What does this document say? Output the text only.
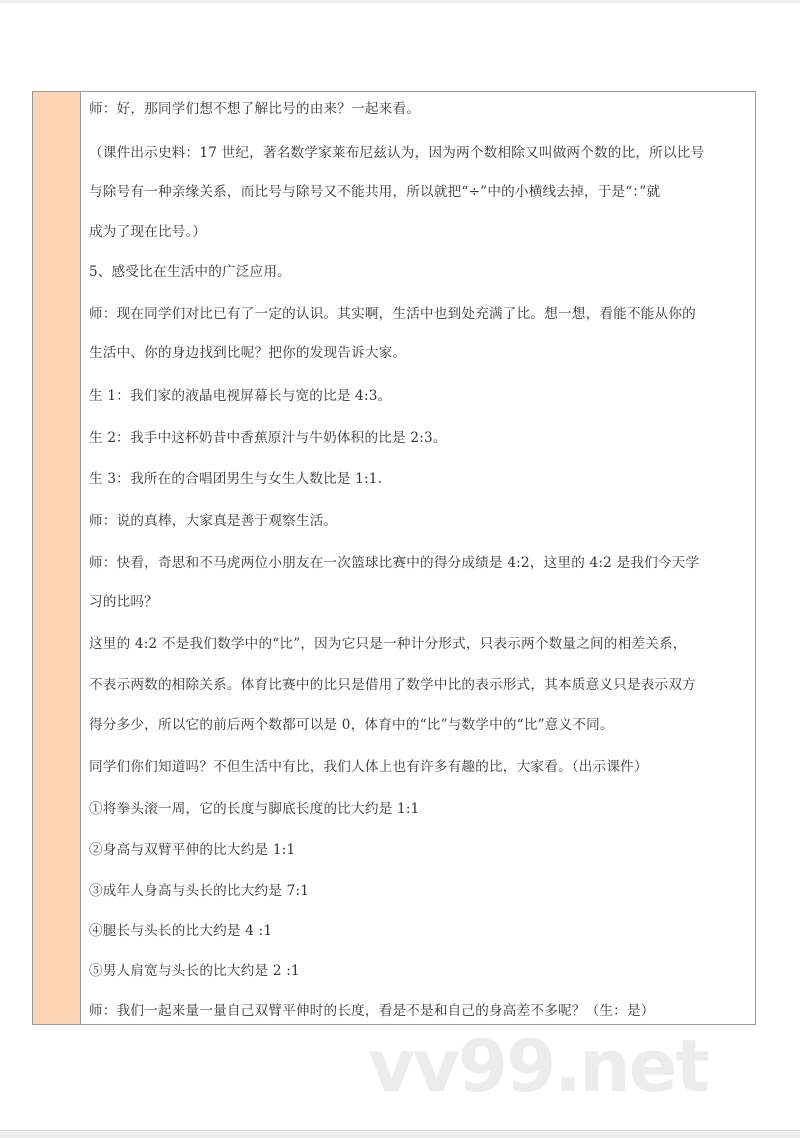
师：好，那同学们想不想了解比号的由来？一起来看。
（课件出示史料：17 世纪，著名数学家莱布尼兹认为，因为两个数相除又叫做两个数的比，所以比号
与除号有一种亲缘关系，而比号与除号又不能共用，所以就把“÷”中的小横线去掉，于是“：”就
成为了现在比号。）
5、感受比在生活中的广泛应用。
师：现在同学们对比已有了一定的认识。其实啊，生活中也到处充满了比。想一想，看能不能从你的
生活中、你的身边找到比呢？把你的发现告诉大家。
生 1：我们家的液晶电视屏幕长与宽的比是 4:3。
生 2：我手中这杯奶昔中香蕉原汁与牛奶体积的比是 2:3。
生 3：我所在的合唱团男生与女生人数比是 1:1.
师：说的真棒，大家真是善于观察生活。
师：快看，奇思和不马虎两位小朋友在一次篮球比赛中的得分成绩是 4:2，这里的 4:2 是我们今天学
习的比吗？
这里的 4:2 不是我们数学中的“比”，因为它只是一种计分形式，只表示两个数量之间的相差关系，
不表示两数的相除关系。体育比赛中的比只是借用了数学中比的表示形式，其本质意义只是表示双方
得分多少，所以它的前后两个数都可以是 0，体育中的“比”与数学中的“比”意义不同。
同学们你们知道吗？不但生活中有比，我们人体上也有许多有趣的比，大家看。（出示课件）
①将拳头滚一周，它的长度与脚底长度的比大约是 1:1
②身高与双臂平伸的比大约是 1:1
③成年人身高与头长的比大约是 7:1
④腿长与头长的比大约是 4 :1
⑤男人肩宽与头长的比大约是 2 :1
师：我们一起来量一量自己双臂平伸时的长度，看是不是和自己的身高差不多呢？（生：是）
vv99.net
